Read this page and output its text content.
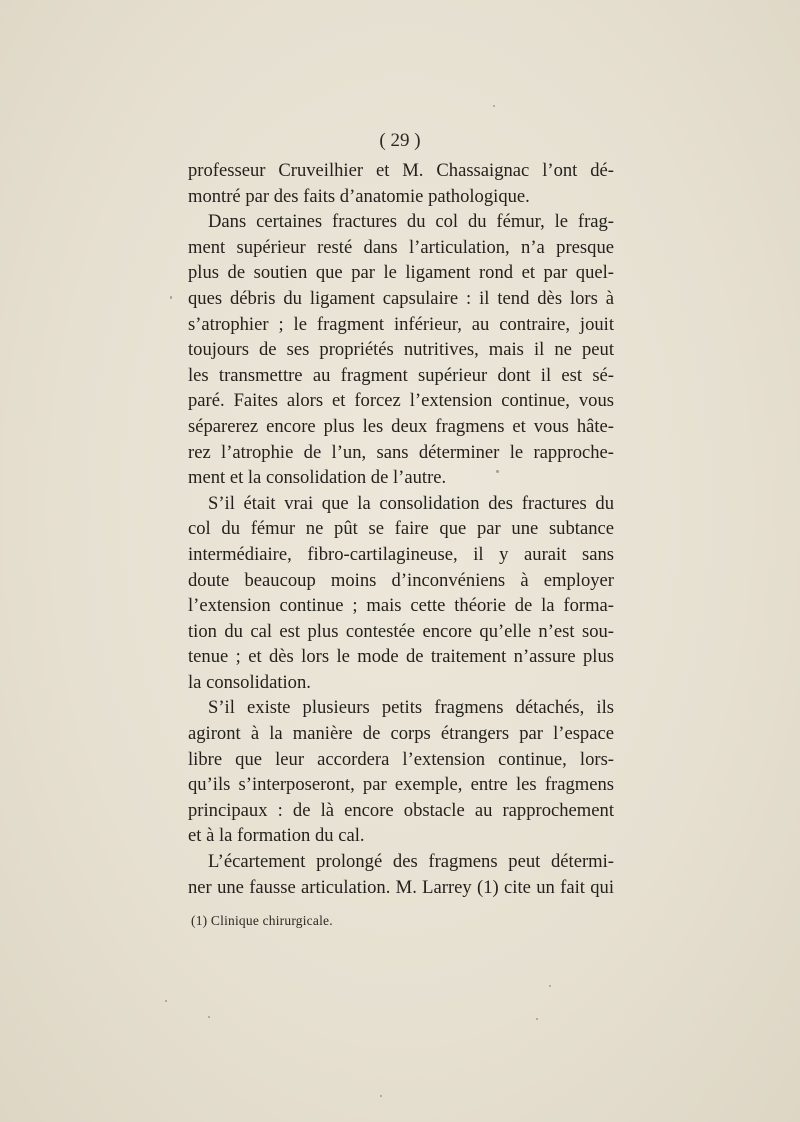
( 29 )
professeur Cruveilhier et M. Chassaignac l’ont dé-
montré par des faits d’anatomie pathologique.
Dans certaines fractures du col du fémur, le frag-
ment supérieur resté dans l’articulation, n’a presque
plus de soutien que par le ligament rond et par quel-
ques débris du ligament capsulaire : il tend dès lors à
s’atrophier ; le fragment inférieur, au contraire, jouit
toujours de ses propriétés nutritives, mais il ne peut
les transmettre au fragment supérieur dont il est sé-
paré. Faites alors et forcez l’extension continue, vous
séparerez encore plus les deux fragmens et vous hâte-
rez l’atrophie de l’un, sans déterminer le rapproche-
ment et la consolidation de l’autre.
S’il était vrai que la consolidation des fractures du
col du fémur ne pût se faire que par une subtance
intermédiaire, fibro-cartilagineuse, il y aurait sans
doute beaucoup moins d’inconvéniens à employer
l’extension continue ; mais cette théorie de la forma-
tion du cal est plus contestée encore qu’elle n’est sou-
tenue ; et dès lors le mode de traitement n’assure plus
la consolidation.
S’il existe plusieurs petits fragmens détachés, ils
agiront à la manière de corps étrangers par l’espace
libre que leur accordera l’extension continue, lors-
qu’ils s’interposeront, par exemple, entre les fragmens
principaux : de là encore obstacle au rapprochement
et à la formation du cal.
L’écartement prolongé des fragmens peut détermi-
ner une fausse articulation. M. Larrey (1) cite un fait qui
(1) Clinique chirurgicale.
